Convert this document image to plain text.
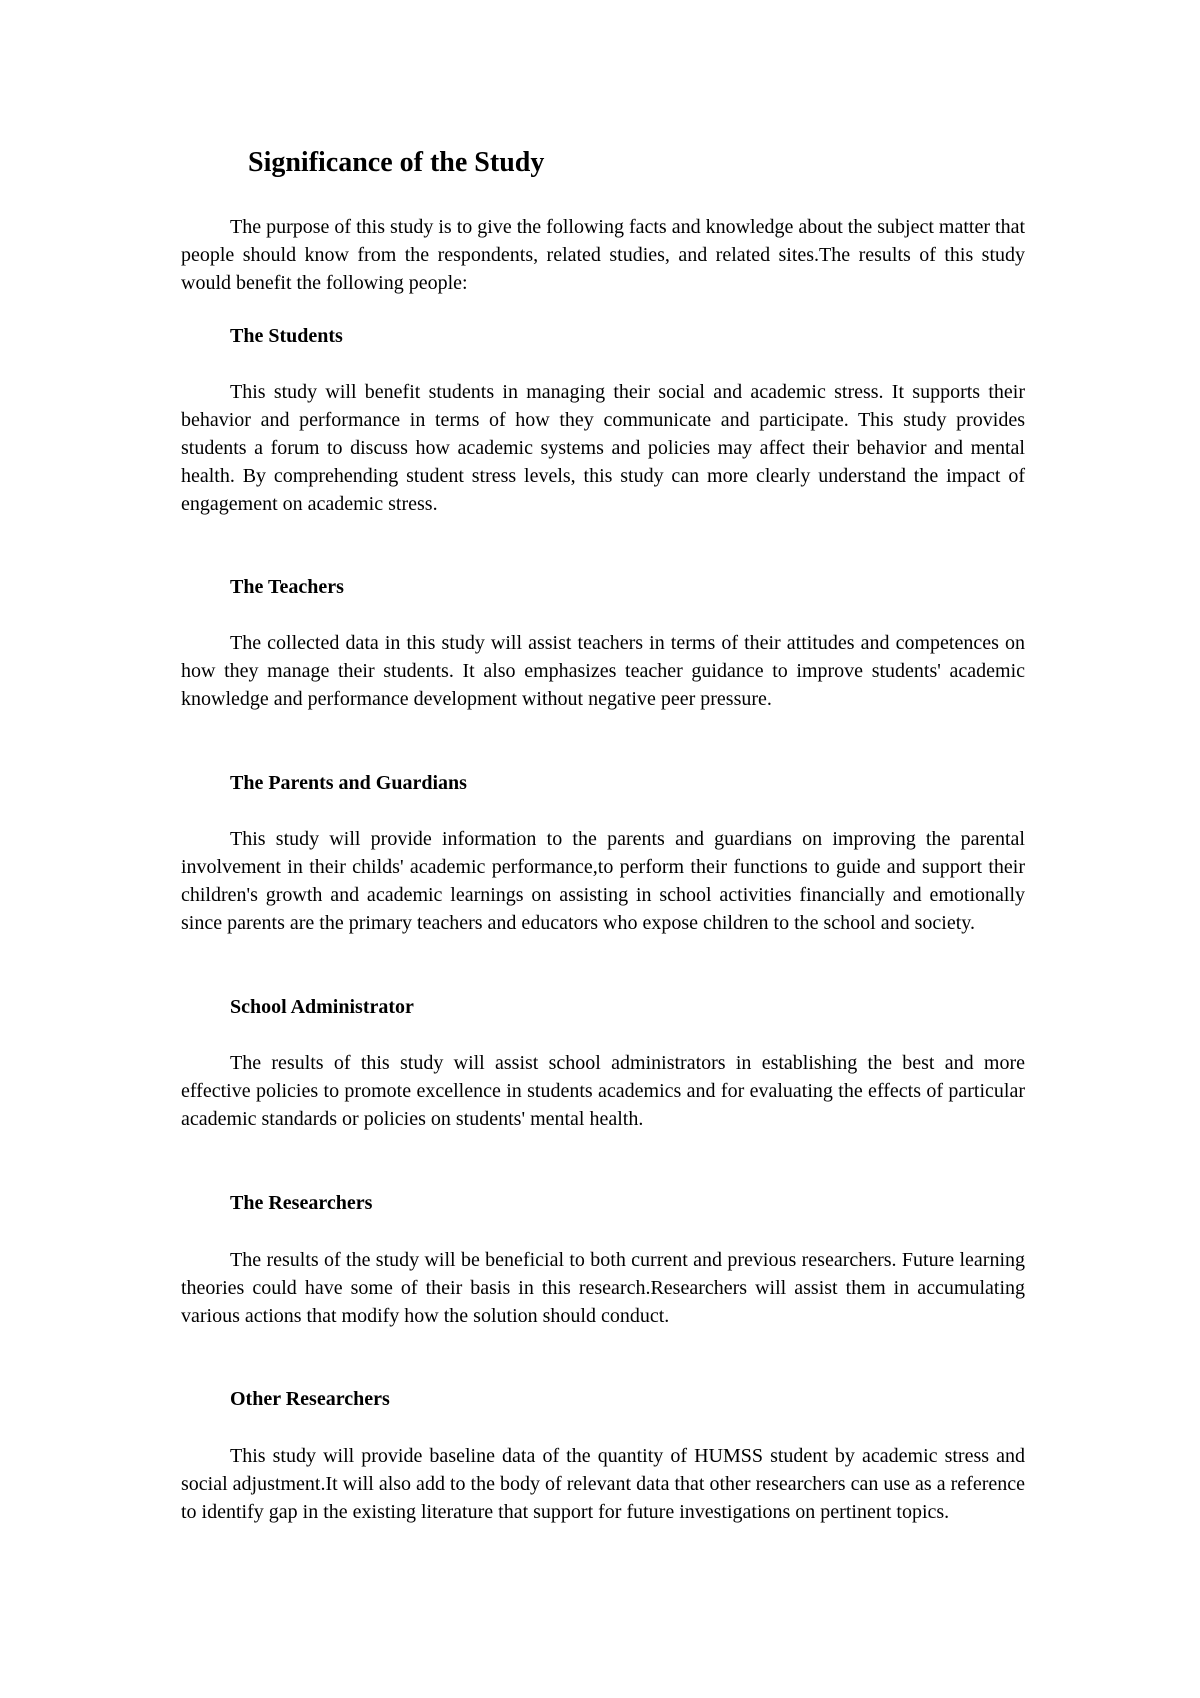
Significance of the Study

The purpose of this study is to give the following facts and knowledge about the subject matter that people should know from the respondents, related studies, and related sites.The results of this study would benefit the following people:

The Students

This study will benefit students in managing their social and academic stress. It supports their behavior and performance in terms of how they communicate and participate. This study provides students a forum to discuss how academic systems and policies may affect their behavior and mental health. By comprehending student stress levels, this study can more clearly understand the impact of engagement on academic stress.

The Teachers

The collected data in this study will assist teachers in terms of their attitudes and competences on how they manage their students. It also emphasizes teacher guidance to improve students' academic knowledge and performance development without negative peer pressure.

The Parents and Guardians

This study will provide information to the parents and guardians on improving the parental involvement in their childs' academic performance,to perform their functions to guide and support their children's growth and academic learnings on assisting in school activities financially and emotionally since parents are the primary teachers and educators who expose children to the school and society.

School Administrator

The results of this study will assist school administrators in establishing the best and more effective policies to promote excellence in students academics and for evaluating the effects of particular academic standards or policies on students' mental health.

The Researchers

The results of the study will be beneficial to both current and previous researchers. Future learning theories could have some of their basis in this research.Researchers will assist them in accumulating various actions that modify how the solution should conduct.

Other Researchers

This study will provide baseline data of the quantity of HUMSS student by academic stress and social adjustment.It will also add to the body of relevant data that other researchers can use as a reference to identify gap in the existing literature that support for future investigations on pertinent topics.
